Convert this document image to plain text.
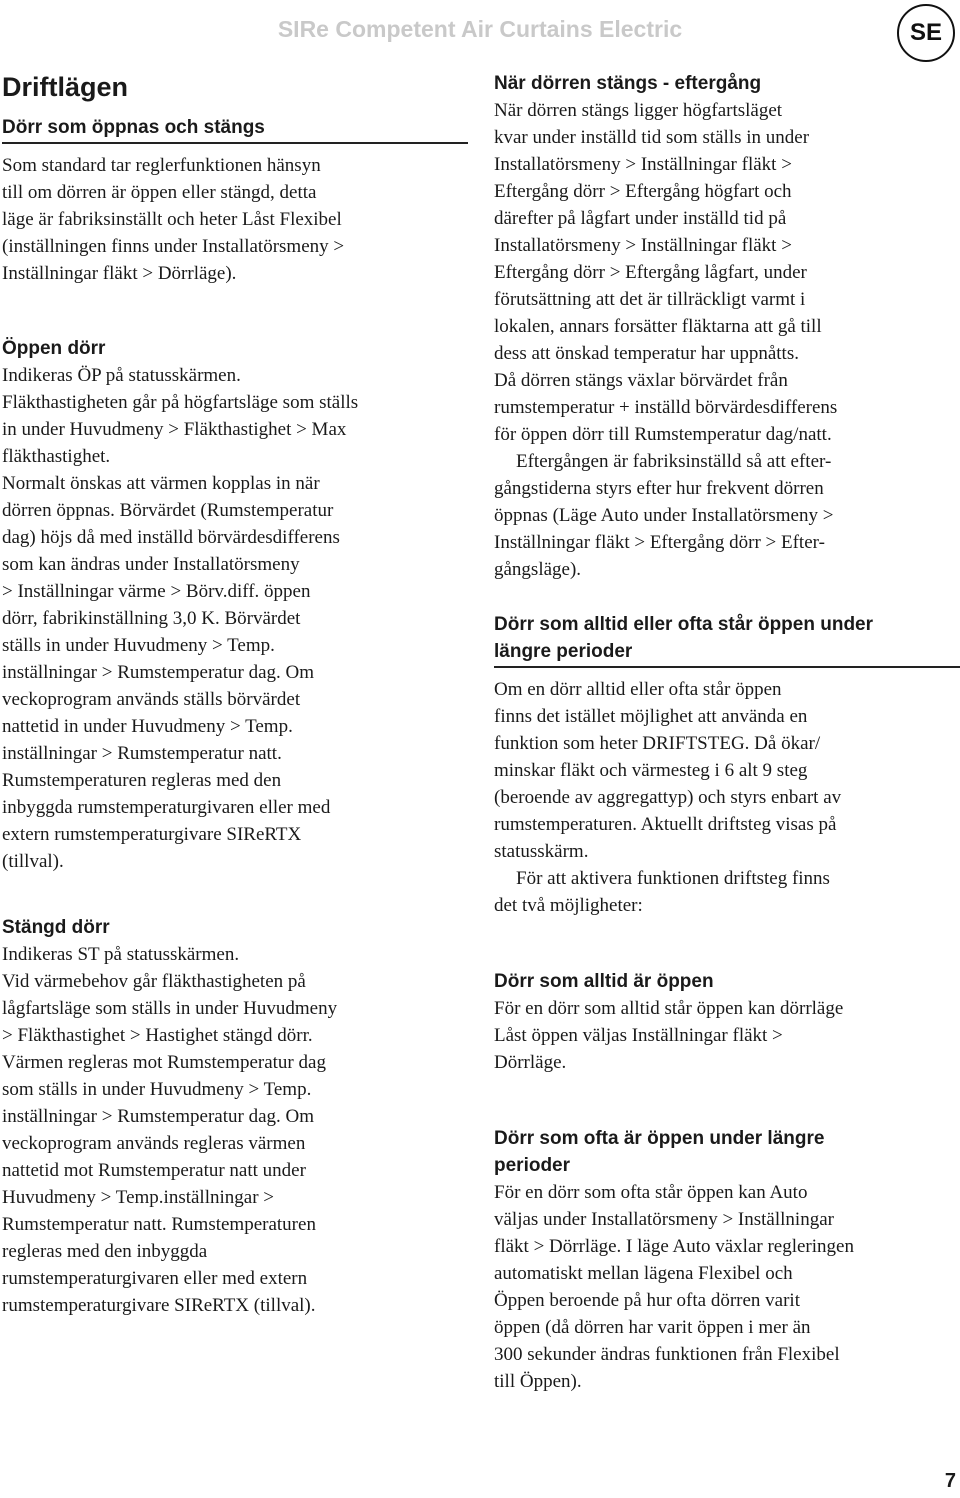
SIRe Competent Air Curtains Electric	SE
Driftlägen
Dörr som öppnas och stängs
Som standard tar reglerfunktionen hänsyn
till om dörren är öppen eller stängd, detta
läge är fabriksinställt och heter Låst Flexibel
(inställningen finns under Installatörsmeny >
Inställningar fläkt > Dörrläge).
Öppen dörr
Indikeras ÖP på statusskärmen.
Fläkthastigheten går på högfartsläge som ställs
in under Huvudmeny > Fläkthastighet > Max
fläkthastighet.
Normalt önskas att värmen kopplas in när
dörren öppnas. Börvärdet (Rumstemperatur
dag) höjs då med inställd börvärdesdifferens
som kan ändras under Installatörsmeny
> Inställningar värme > Börv.diff. öppen
dörr, fabrikinställning 3,0 K. Börvärdet
ställs in under Huvudmeny > Temp.
inställningar > Rumstemperatur dag. Om
veckoprogram används ställs börvärdet
nattetid in under Huvudmeny > Temp.
inställningar > Rumstemperatur natt.
Rumstemperaturen regleras med den
inbyggda rumstemperaturgivaren eller med
extern rumstemperaturgivare SIReRTX
(tillval).
Stängd dörr
Indikeras ST på statusskärmen.
Vid värmebehov går fläkthastigheten på
lågfartsläge som ställs in under Huvudmeny
> Fläkthastighet > Hastighet stängd dörr.
Värmen regleras mot Rumstemperatur dag
som ställs in under Huvudmeny > Temp.
inställningar > Rumstemperatur dag. Om
veckoprogram används regleras värmen
nattetid mot Rumstemperatur natt under
Huvudmeny > Temp.inställningar >
Rumstemperatur natt. Rumstemperaturen
regleras med den inbyggda
rumstemperaturgivaren eller med extern
rumstemperaturgivare SIReRTX (tillval).
När dörren stängs - eftergång
När dörren stängs ligger högfartsläget
kvar under inställd tid som ställs in under
Installatörsmeny > Inställningar fläkt >
Eftergång dörr > Eftergång högfart och
därefter på lågfart under inställd tid på
Installatörsmeny > Inställningar fläkt >
Eftergång dörr > Eftergång lågfart, under
förutsättning att det är tillräckligt varmt i
lokalen, annars forsätter fläktarna att gå till
dess att önskad temperatur har uppnåtts.
Då dörren stängs växlar börvärdet från
rumstemperatur + inställd börvärdesdifferens
för öppen dörr till Rumstemperatur dag/natt.
Eftergången är fabriksinställd så att efter-
gångstiderna styrs efter hur frekvent dörren
öppnas (Läge Auto under Installatörsmeny >
Inställningar fläkt > Eftergång dörr > Efter-
gångsläge).
Dörr som alltid eller ofta står öppen under
längre perioder
Om en dörr alltid eller ofta står öppen
finns det istället möjlighet att använda en
funktion som heter DRIFTSTEG. Då ökar/
minskar fläkt och värmesteg i 6 alt 9 steg
(beroende av aggregattyp) och styrs enbart av
rumstemperaturen. Aktuellt driftsteg visas på
statusskärm.
För att aktivera funktionen driftsteg finns
det två möjligheter:
Dörr som alltid är öppen
För en dörr som alltid står öppen kan dörrläge
Låst öppen väljas Inställningar fläkt >
Dörrläge.
Dörr som ofta är öppen under längre
perioder
För en dörr som ofta står öppen kan Auto
väljas under Installatörsmeny > Inställningar
fläkt > Dörrläge. I läge Auto växlar regleringen
automatiskt mellan lägena Flexibel och
Öppen beroende på hur ofta dörren varit
öppen (då dörren har varit öppen i mer än
300 sekunder ändras funktionen från Flexibel
till Öppen).
7
